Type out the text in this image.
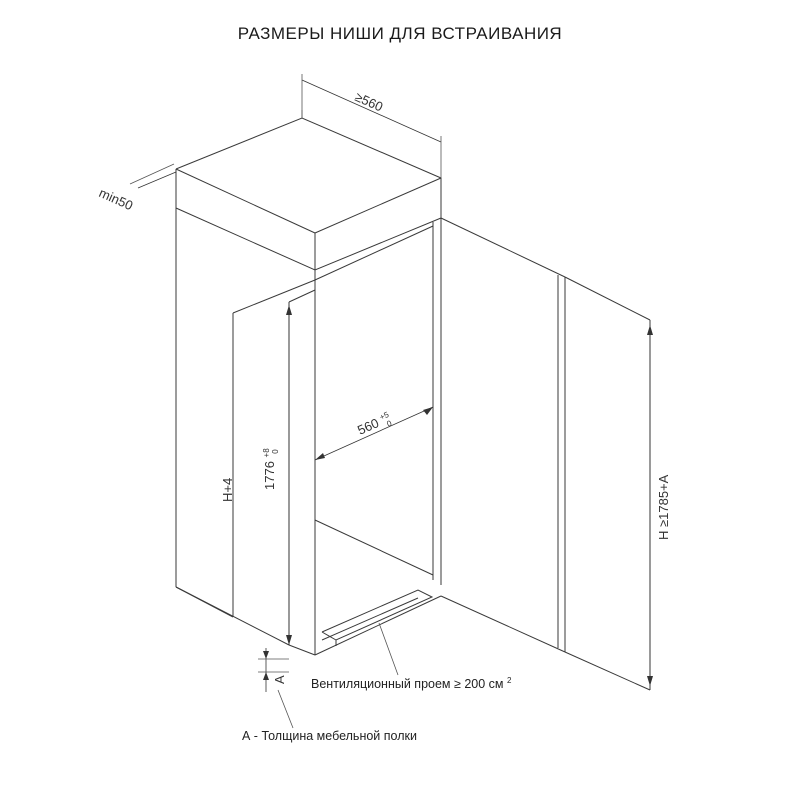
РАЗМЕРЫ НИШИ ДЛЯ ВСТРАИВАНИЯ
≥560
min50
560 $^{+5}$ 0
1776 $^{+8}$ 0
H+4	H ≥1785+A
A Вентиляционный проем ≥ 200 см $^2$
А - Толщина мебельной полки
